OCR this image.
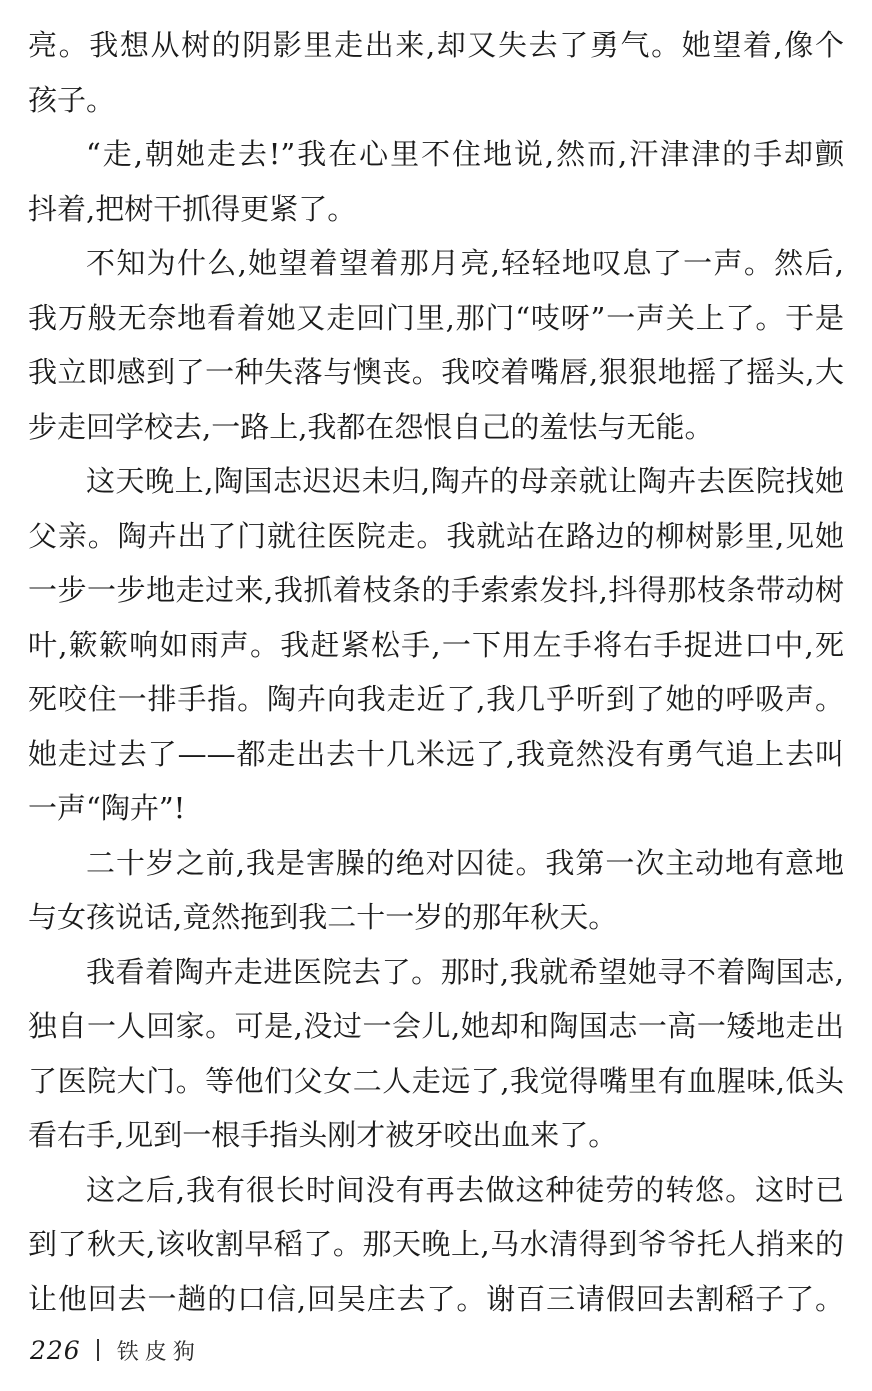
亮。我想从树的阴影里走出来,却又失去了勇气。她望着,像个
孩子。
“走,朝她走去!”我在心里不住地说,然而,汗津津的手却颤
抖着,把树干抓得更紧了。
不知为什么,她望着望着那月亮,轻轻地叹息了一声。然后,
我万般无奈地看着她又走回门里,那门“吱呀”一声关上了。于是
我立即感到了一种失落与懊丧。我咬着嘴唇,狠狠地摇了摇头,大
步走回学校去,一路上,我都在怨恨自己的羞怯与无能。
这天晚上,陶国志迟迟未归,陶卉的母亲就让陶卉去医院找她
父亲。陶卉出了门就往医院走。我就站在路边的柳树影里,见她
一步一步地走过来,我抓着枝条的手索索发抖,抖得那枝条带动树
叶,簌簌响如雨声。我赶紧松手,一下用左手将右手捉进口中,死
死咬住一排手指。陶卉向我走近了,我几乎听到了她的呼吸声。
她走过去了——都走出去十几米远了,我竟然没有勇气追上去叫
一声“陶卉”!
二十岁之前,我是害臊的绝对囚徒。我第一次主动地有意地
与女孩说话,竟然拖到我二十一岁的那年秋天。
我看着陶卉走进医院去了。那时,我就希望她寻不着陶国志,
独自一人回家。可是,没过一会儿,她却和陶国志一高一矮地走出
了医院大门。等他们父女二人走远了,我觉得嘴里有血腥味,低头
看右手,见到一根手指头刚才被牙咬出血来了。
这之后,我有很长时间没有再去做这种徒劳的转悠。这时已
到了秋天,该收割早稻了。那天晚上,马水清得到爷爷托人捎来的
让他回去一趟的口信,回吴庄去了。谢百三请假回去割稻子了。
226 铁皮狗
